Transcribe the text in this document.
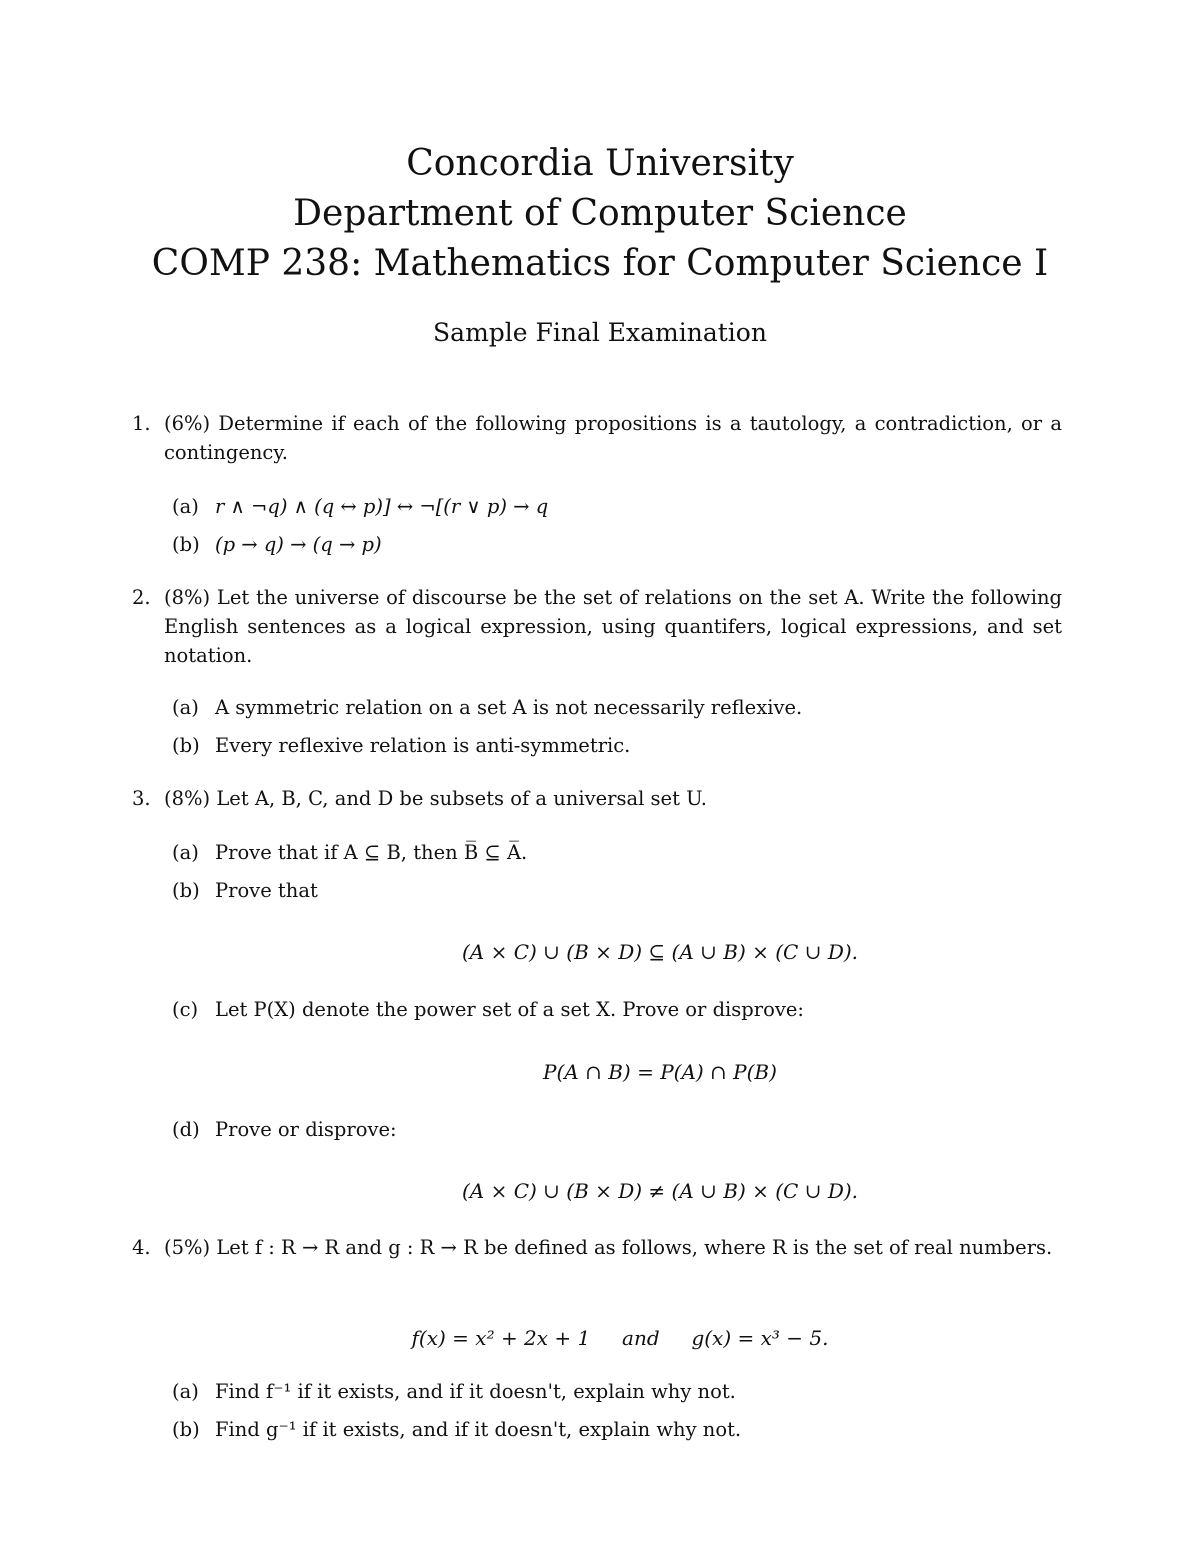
Concordia University
Department of Computer Science
COMP 238: Mathematics for Computer Science I
Sample Final Examination
1. (6%) Determine if each of the following propositions is a tautology, a contradiction, or a contingency.
(a) r ∧ ¬q) ∧ (q ↔ p)] ↔ ¬[(r ∨ p) → q
(b) (p → q) → (q → p)
2. (8%) Let the universe of discourse be the set of relations on the set A. Write the following English sentences as a logical expression, using quantifers, logical expressions, and set notation.
(a) A symmetric relation on a set A is not necessarily reflexive.
(b) Every reflexive relation is anti-symmetric.
3. (8%) Let A, B, C, and D be subsets of a universal set U.
(a) Prove that if A ⊆ B, then B̅ ⊆ A̅.
(b) Prove that
(A × C) ∪ (B × D) ⊆ (A ∪ B) × (C ∪ D).
(c) Let P(X) denote the power set of a set X. Prove or disprove:
P(A ∩ B) = P(A) ∩ P(B)
(d) Prove or disprove:
(A × C) ∪ (B × D) ≠ (A ∪ B) × (C ∪ D).
4. (5%) Let f : R → R and g : R → R be defined as follows, where R is the set of real numbers.
f(x) = x² + 2x + 1     and     g(x) = x³ − 5.
(a) Find f⁻¹ if it exists, and if it doesn't, explain why not.
(b) Find g⁻¹ if it exists, and if it doesn't, explain why not.
